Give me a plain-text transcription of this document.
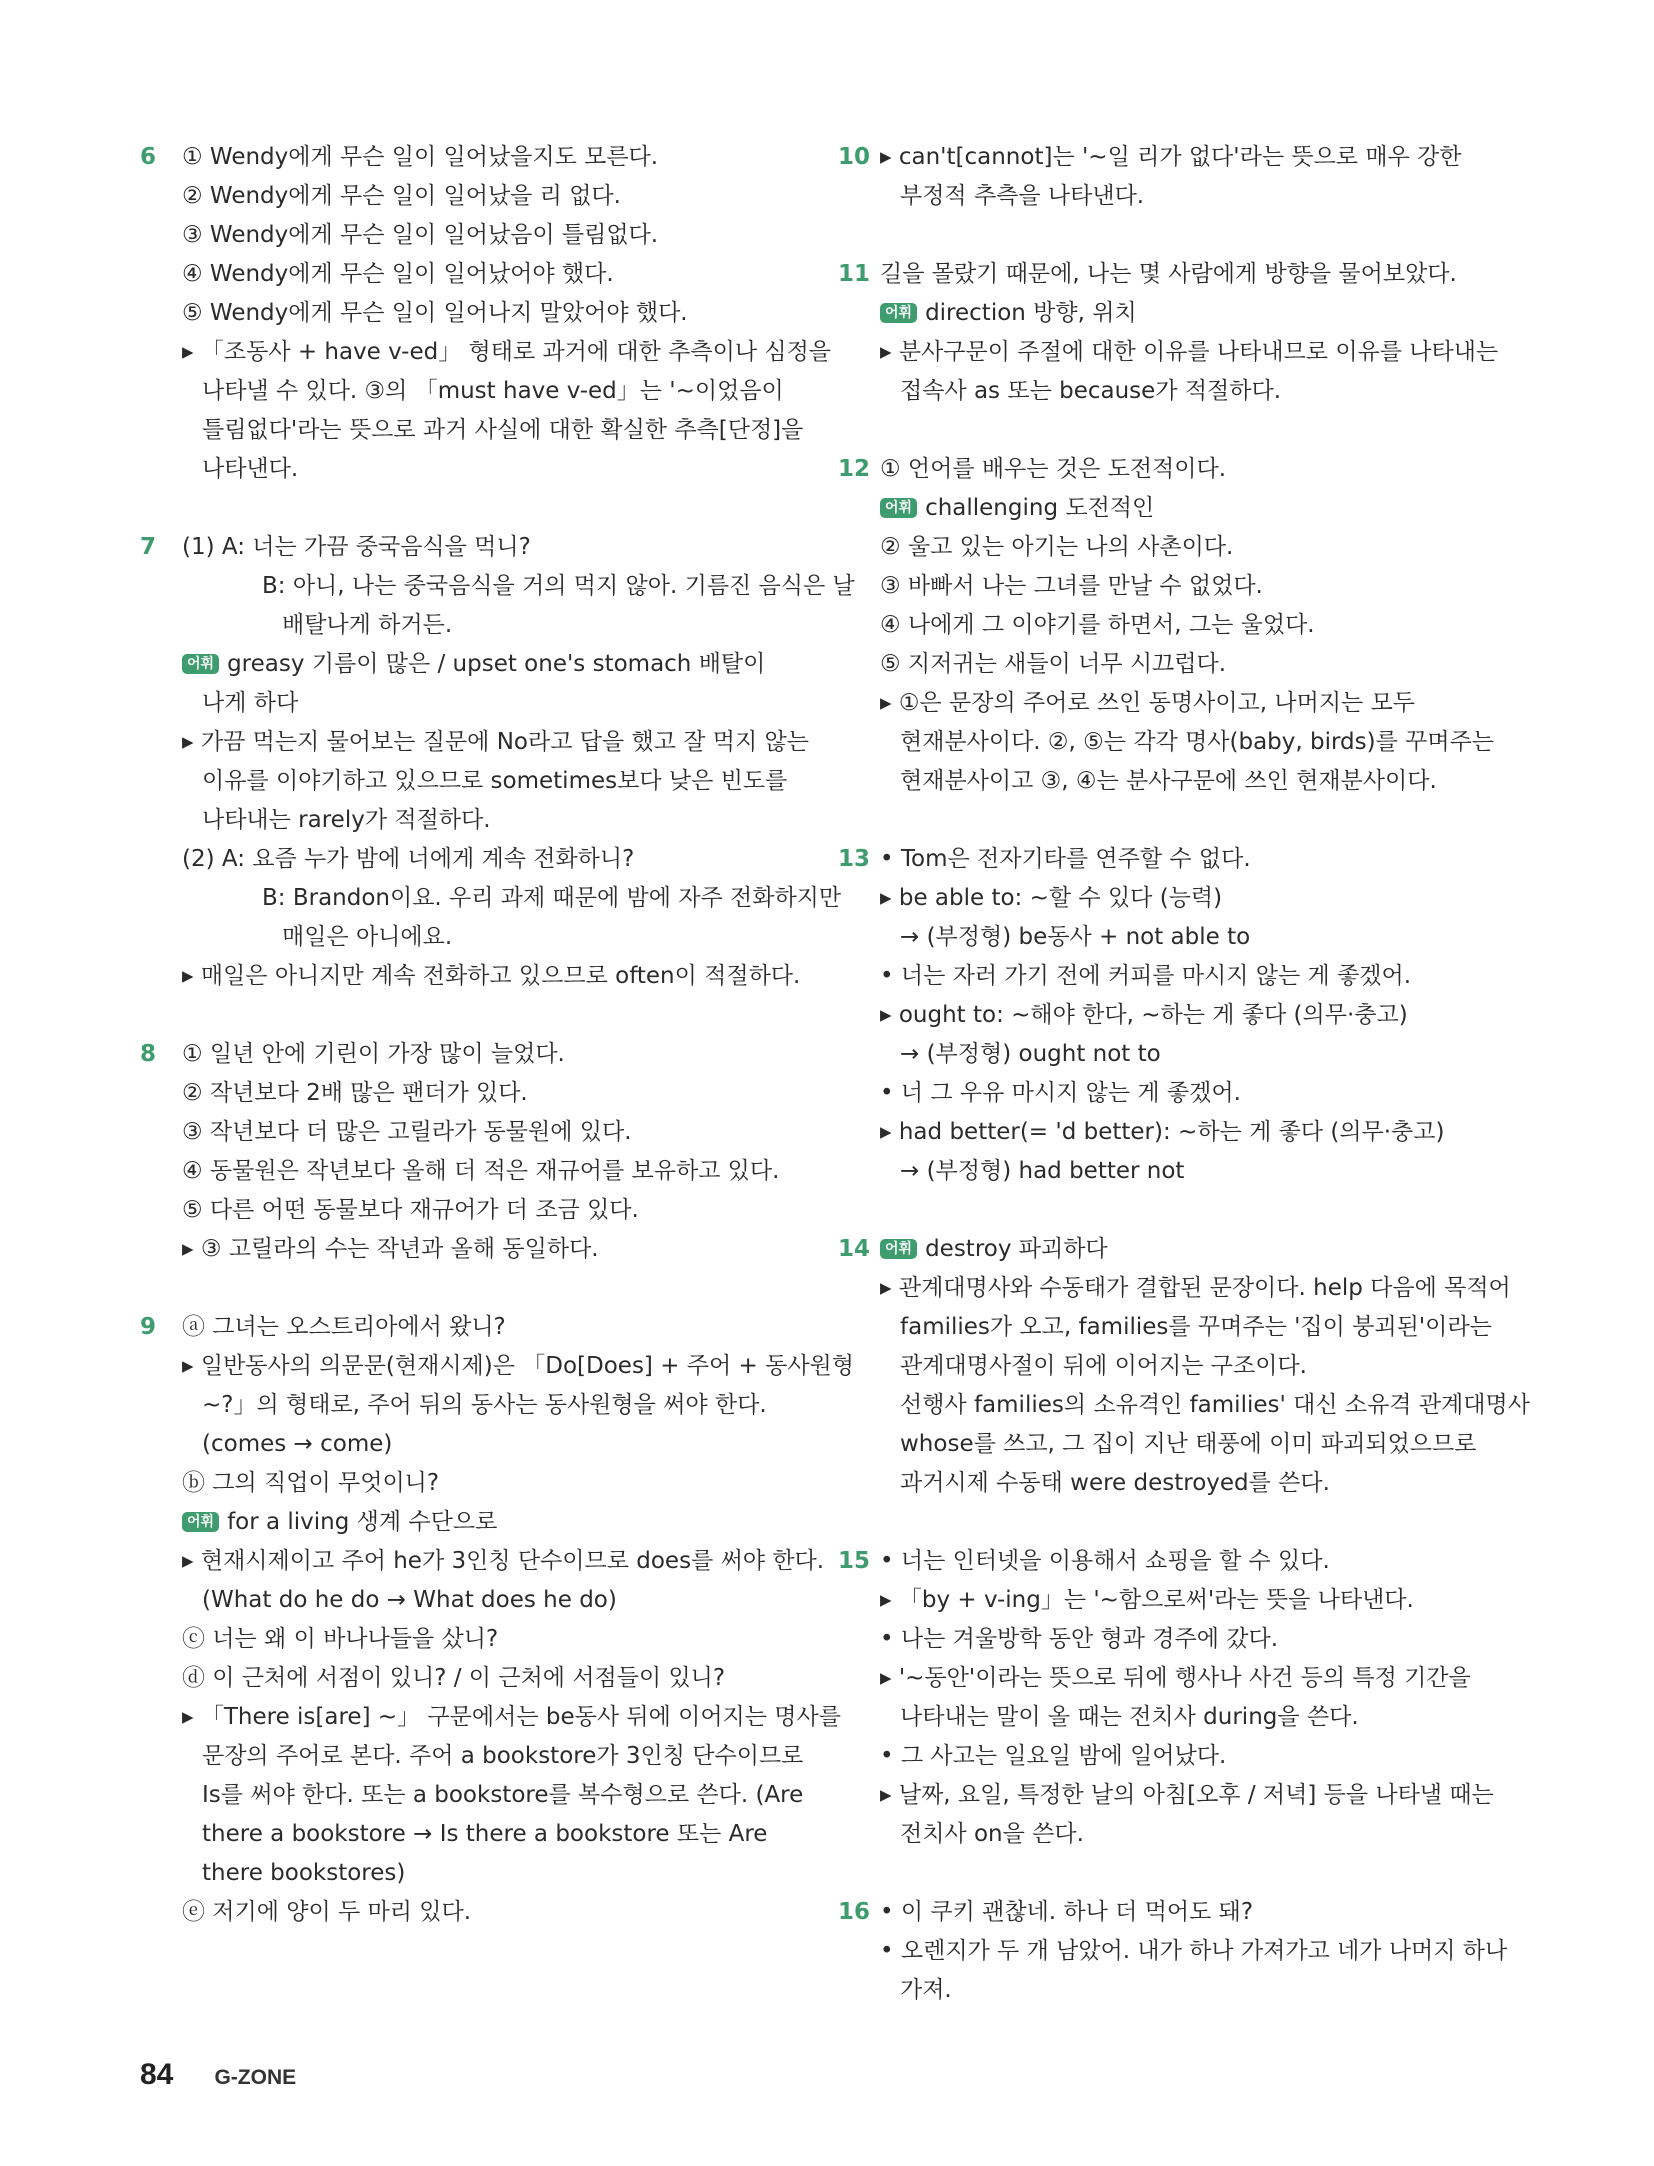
6 ① Wendy에게 무슨 일이 일어났을지도 모른다.
② Wendy에게 무슨 일이 일어났을 리 없다.
③ Wendy에게 무슨 일이 일어났음이 틀림없다.
④ Wendy에게 무슨 일이 일어났어야 했다.
⑤ Wendy에게 무슨 일이 일어나지 말았어야 했다.
▸ 「조동사 + have v-ed」 형태로 과거에 대한 추측이나 심정을
나타낼 수 있다. ③의 「must have v-ed」는 '~이었음이
틀림없다'라는 뜻으로 과거 사실에 대한 확실한 추측[단정]을
나타낸다.
7 (1) A: 너는 가끔 중국음식을 먹니?
B: 아니, 나는 중국음식을 거의 먹지 않아. 기름진 음식은 날
배탈나게 하거든.
어휘 greasy 기름이 많은 / upset one's stomach 배탈이
나게 하다
▸ 가끔 먹는지 물어보는 질문에 No라고 답을 했고 잘 먹지 않는
이유를 이야기하고 있으므로 sometimes보다 낮은 빈도를
나타내는 rarely가 적절하다.
(2) A: 요즘 누가 밤에 너에게 계속 전화하니?
B: Brandon이요. 우리 과제 때문에 밤에 자주 전화하지만
매일은 아니에요.
▸ 매일은 아니지만 계속 전화하고 있으므로 often이 적절하다.
8 ① 일년 안에 기린이 가장 많이 늘었다.
② 작년보다 2배 많은 팬더가 있다.
③ 작년보다 더 많은 고릴라가 동물원에 있다.
④ 동물원은 작년보다 올해 더 적은 재규어를 보유하고 있다.
⑤ 다른 어떤 동물보다 재규어가 더 조금 있다.
▸ ③ 고릴라의 수는 작년과 올해 동일하다.
9 ⓐ 그녀는 오스트리아에서 왔니?
▸ 일반동사의 의문문(현재시제)은 「Do[Does] + 주어 + 동사원형
~?」의 형태로, 주어 뒤의 동사는 동사원형을 써야 한다.
(comes → come)
ⓑ 그의 직업이 무엇이니?
어휘 for a living 생계 수단으로
▸ 현재시제이고 주어 he가 3인칭 단수이므로 does를 써야 한다.
(What do he do → What does he do)
ⓒ 너는 왜 이 바나나들을 샀니?
ⓓ 이 근처에 서점이 있니? / 이 근처에 서점들이 있니?
▸ 「There is[are] ~」 구문에서는 be동사 뒤에 이어지는 명사를
문장의 주어로 본다. 주어 a bookstore가 3인칭 단수이므로
Is를 써야 한다. 또는 a bookstore를 복수형으로 쓴다. (Are
there a bookstore → Is there a bookstore 또는 Are
there bookstores)
ⓔ 저기에 양이 두 마리 있다.
10 ▸ can't[cannot]는 '~일 리가 없다'라는 뜻으로 매우 강한
부정적 추측을 나타낸다.
11 길을 몰랐기 때문에, 나는 몇 사람에게 방향을 물어보았다.
어휘 direction 방향, 위치
▸ 분사구문이 주절에 대한 이유를 나타내므로 이유를 나타내는
접속사 as 또는 because가 적절하다.
12 ① 언어를 배우는 것은 도전적이다.
어휘 challenging 도전적인
② 울고 있는 아기는 나의 사촌이다.
③ 바빠서 나는 그녀를 만날 수 없었다.
④ 나에게 그 이야기를 하면서, 그는 울었다.
⑤ 지저귀는 새들이 너무 시끄럽다.
▸ ①은 문장의 주어로 쓰인 동명사이고, 나머지는 모두
현재분사이다. ②, ⑤는 각각 명사(baby, birds)를 꾸며주는
현재분사이고 ③, ④는 분사구문에 쓰인 현재분사이다.
13 • Tom은 전자기타를 연주할 수 없다.
▸ be able to: ~할 수 있다 (능력)
→ (부정형) be동사 + not able to
• 너는 자러 가기 전에 커피를 마시지 않는 게 좋겠어.
▸ ought to: ~해야 한다, ~하는 게 좋다 (의무·충고)
→ (부정형) ought not to
• 너 그 우유 마시지 않는 게 좋겠어.
▸ had better(= 'd better): ~하는 게 좋다 (의무·충고)
→ (부정형) had better not
14	어휘 destroy 파괴하다
▸ 관계대명사와 수동태가 결합된 문장이다. help 다음에 목적어
families가 오고, families를 꾸며주는 '집이 붕괴된'이라는
관계대명사절이 뒤에 이어지는 구조이다.
선행사 families의 소유격인 families' 대신 소유격 관계대명사
whose를 쓰고, 그 집이 지난 태풍에 이미 파괴되었으므로
과거시제 수동태 were destroyed를 쓴다.
15 • 너는 인터넷을 이용해서 쇼핑을 할 수 있다.
▸ 「by + v-ing」는 '~함으로써'라는 뜻을 나타낸다.
• 나는 겨울방학 동안 형과 경주에 갔다.
▸ '~동안'이라는 뜻으로 뒤에 행사나 사건 등의 특정 기간을
나타내는 말이 올 때는 전치사 during을 쓴다.
• 그 사고는 일요일 밤에 일어났다.
▸ 날짜, 요일, 특정한 날의 아침[오후 / 저녁] 등을 나타낼 때는
전치사 on을 쓴다.
16 • 이 쿠키 괜찮네. 하나 더 먹어도 돼?
• 오렌지가 두 개 남았어. 내가 하나 가져가고 네가 나머지 하나
가져.
84 G-ZONE
